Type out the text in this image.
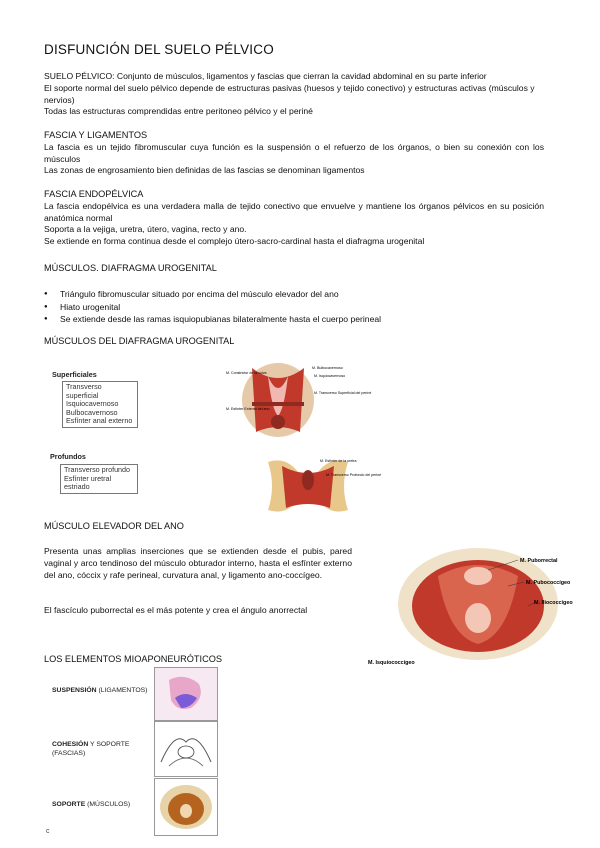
DISFUNCIÓN DEL SUELO PÉLVICO

SUELO PÉLVICO: Conjunto de músculos, ligamentos y fascias que cierran la cavidad abdominal en su parte inferior

El soporte normal del suelo pélvico depende de estructuras pasivas (huesos y tejido conectivo) y estructuras activas (músculos y nervios)

Todas las estructuras comprendidas entre peritoneo pélvico y el periné

FASCIA Y LIGAMENTOS

La fascia es un tejido fibromuscular cuya función es la suspensión o el refuerzo de los órganos, o bien su conexión con los músculos

Las zonas de engrosamiento bien definidas de las fascias se denominan ligamentos

FASCIA ENDOPÉLVICA

La fascia endopélvica es una verdadera malla de tejido conectivo que envuelve y mantiene los órganos pélvicos en su posición anatómica normal

Soporta a la vejiga, uretra, útero, vagina, recto y ano.

Se extiende en forma continua desde el complejo útero-sacro-cardinal hasta el diafragma urogenital

MÚSCULOS. DIAFRAGMA UROGENITAL

● Triángulo fibromuscular situado por encima del músculo elevador del ano
● Hiato urogenital
● Se extiende desde las ramas isquiopubianas bilateralmente hasta el cuerpo perineal

MÚSCULOS DEL DIAFRAGMA UROGENITAL

Superficiales
Transverso
superficial
Isquiocavernoso
Bulbocavernoso
Esfínter anal externo
Profundos
Transverso profundo
Esfínter uretral
estriado
M. Bulbocavernoso
M. Isquiocavernoso
M. Transverso Superficial del periné
M. Constrictor de la vulva
M. Esfínter Externo del ano
M. Esfínter de la uretra
M. Transverso Profundo del periné

MÚSCULO ELEVADOR DEL ANO

Presenta unas amplias inserciones que se extienden desde el pubis, pared vaginal y arco tendinoso del músculo obturador interno, hasta el esfínter externo del ano, cóccix y rafe perineal, curvatura anal, y ligamento ano-coccígeo.
El fascículo puborrectal es el más potente y crea el ángulo anorrectal
M. Puborrectal
M. Pubococcígeo
M. Iliococcígeo
M. Isquiococcígeo

LOS ELEMENTOS MIOAPONEURÓTICOS

SUSPENSIÓN (LIGAMENTOS)
COHESIÓN Y SOPORTE
(FASCIAS)
SOPORTE (MÚSCULOS)
c
